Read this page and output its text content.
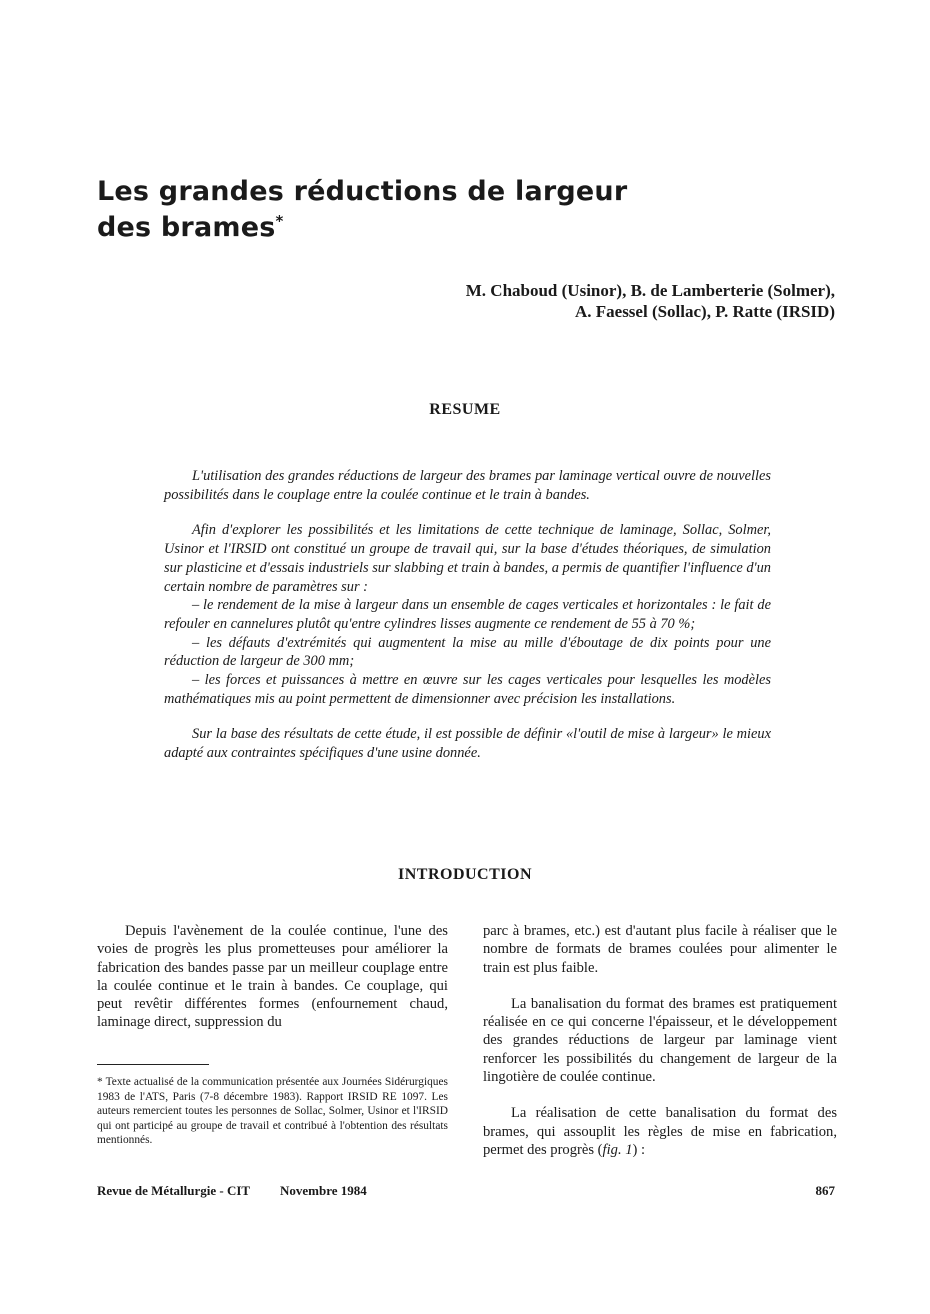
Les grandes réductions de largeur
des brames*
M. Chaboud (Usinor), B. de Lamberterie (Solmer),
A. Faessel (Sollac), P. Ratte (IRSID)
RESUME

L'utilisation des grandes réductions de largeur des brames par laminage vertical ouvre de nouvelles possibilités dans le couplage entre la coulée continue et le train à bandes.

Afin d'explorer les possibilités et les limitations de cette technique de laminage, Sollac, Solmer, Usinor et l'IRSID ont constitué un groupe de travail qui, sur la base d'études théoriques, de simulation sur plasticine et d'essais industriels sur slabbing et train à bandes, a permis de quantifier l'influence d'un certain nombre de paramètres sur :

– le rendement de la mise à largeur dans un ensemble de cages verticales et horizontales : le fait de refouler en cannelures plutôt qu'entre cylindres lisses augmente ce rendement de 55 à 70 %;
– les défauts d'extrémités qui augmentent la mise au mille d'éboutage de dix points pour une réduction de largeur de 300 mm;
– les forces et puissances à mettre en œuvre sur les cages verticales pour lesquelles les modèles mathématiques mis au point permettent de dimensionner avec précision les installations.

Sur la base des résultats de cette étude, il est possible de définir «l'outil de mise à largeur» le mieux adapté aux contraintes spécifiques d'une usine donnée.

INTRODUCTION

Depuis l'avènement de la coulée continue, l'une des voies de progrès les plus prometteuses pour améliorer la fabrication des bandes passe par un meilleur couplage entre la coulée continue et le train à bandes. Ce couplage, qui peut revêtir différentes formes (enfournement chaud, laminage direct, suppression du

parc à brames, etc.) est d'autant plus facile à réaliser que le nombre de formats de brames coulées pour alimenter le train est plus faible.

La banalisation du format des brames est pratiquement réalisée en ce qui concerne l'épaisseur, et le développement des grandes réductions de largeur par laminage vient renforcer les possibilités du changement de largeur de la lingotière de coulée continue.

La réalisation de cette banalisation du format des brames, qui assouplit les règles de mise en fabrication, permet des progrès (fig. 1) :

* Texte actualisé de la communication présentée aux Journées Sidérurgiques 1983 de l'ATS, Paris (7-8 décembre 1983). Rapport IRSID RE 1097. Les auteurs remercient toutes les personnes de Sollac, Solmer, Usinor et l'IRSID qui ont participé au groupe de travail et contribué à l'obtention des résultats mentionnés.
Revue de Métallurgie - CIT Novembre 1984	867
